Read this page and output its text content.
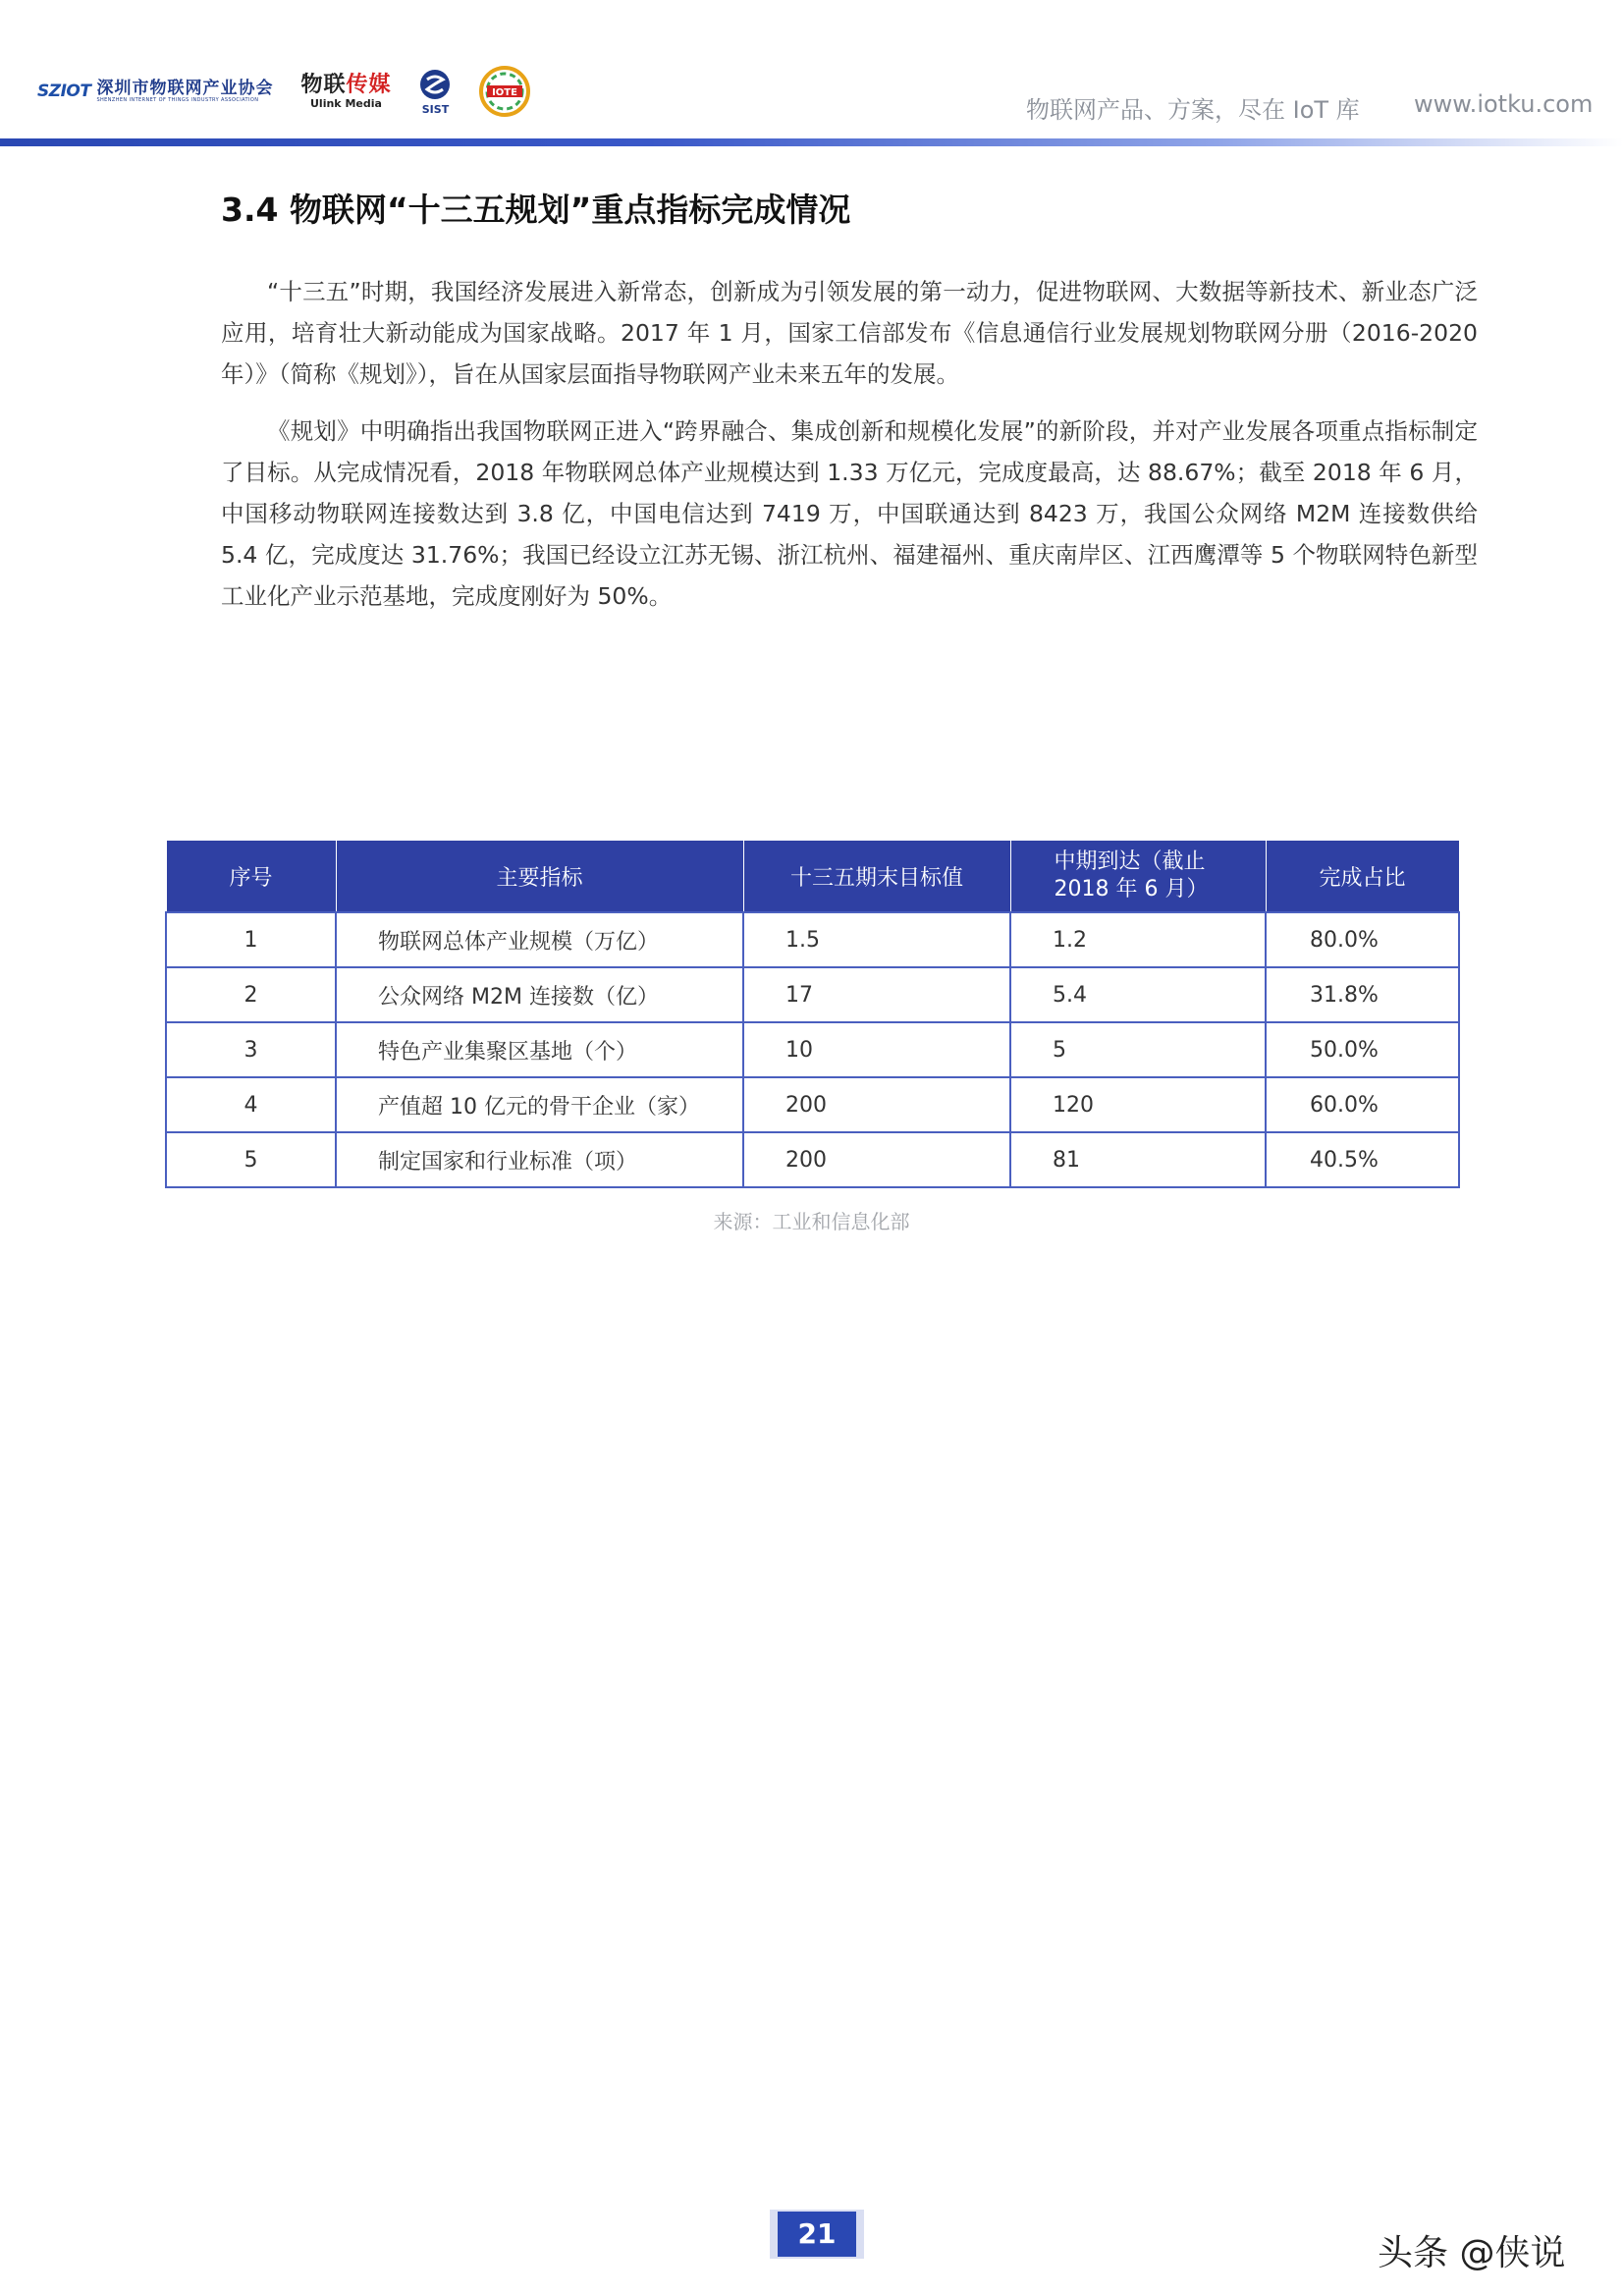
SZIOT 深圳市物联网产业协会
SHENZHEN INTERNET OF THINGS INDUSTRY ASSOCIATION
物联传媒
Ulink Media	SIST
IOTE
物联网产品、方案，尽在 IoT 库 www.iotku.com
3.4 物联网“十三五规划”重点指标完成情况

“十三五”时期，我国经济发展进入新常态，创新成为引领发展的第一动力，促进物联网、大数据等新技术、新业态广泛应用，培育壮大新动能成为国家战略。2017 年 1 月，国家工信部发布《信息通信行业发展规划物联网分册（2016-2020 年）》（简称《规划》），旨在从国家层面指导物联网产业未来五年的发展。

《规划》中明确指出我国物联网正进入“跨界融合、集成创新和规模化发展”的新阶段，并对产业发展各项重点指标制定了目标。从完成情况看，2018 年物联网总体产业规模达到 1.33 万亿元，完成度最高，达 88.67%；截至 2018 年 6 月，中国移动物联网连接数达到 3.8 亿，中国电信达到 7419 万，中国联通达到 8423 万，我国公众网络 M2M 连接数供给 5.4 亿，完成度达 31.76%；我国已经设立江苏无锡、浙江杭州、福建福州、重庆南岸区、江西鹰潭等 5 个物联网特色新型工业化产业示范基地，完成度刚好为 50%。

序号	主要指标	十三五期末目标值	中期到达（截止 2018 年 6 月）	完成占比
1	物联网总体产业规模（万亿）	1.5	1.2	80.0%
2	公众网络 M2M 连接数（亿）	17	5.4	31.8%
3	特色产业集聚区基地（个）	10	5	50.0%
4	产值超 10 亿元的骨干企业（家）	200	120	60.0%
5	制定国家和行业标准（项）	200	81	40.5%
来源：工业和信息化部
21	头条 @侠说
